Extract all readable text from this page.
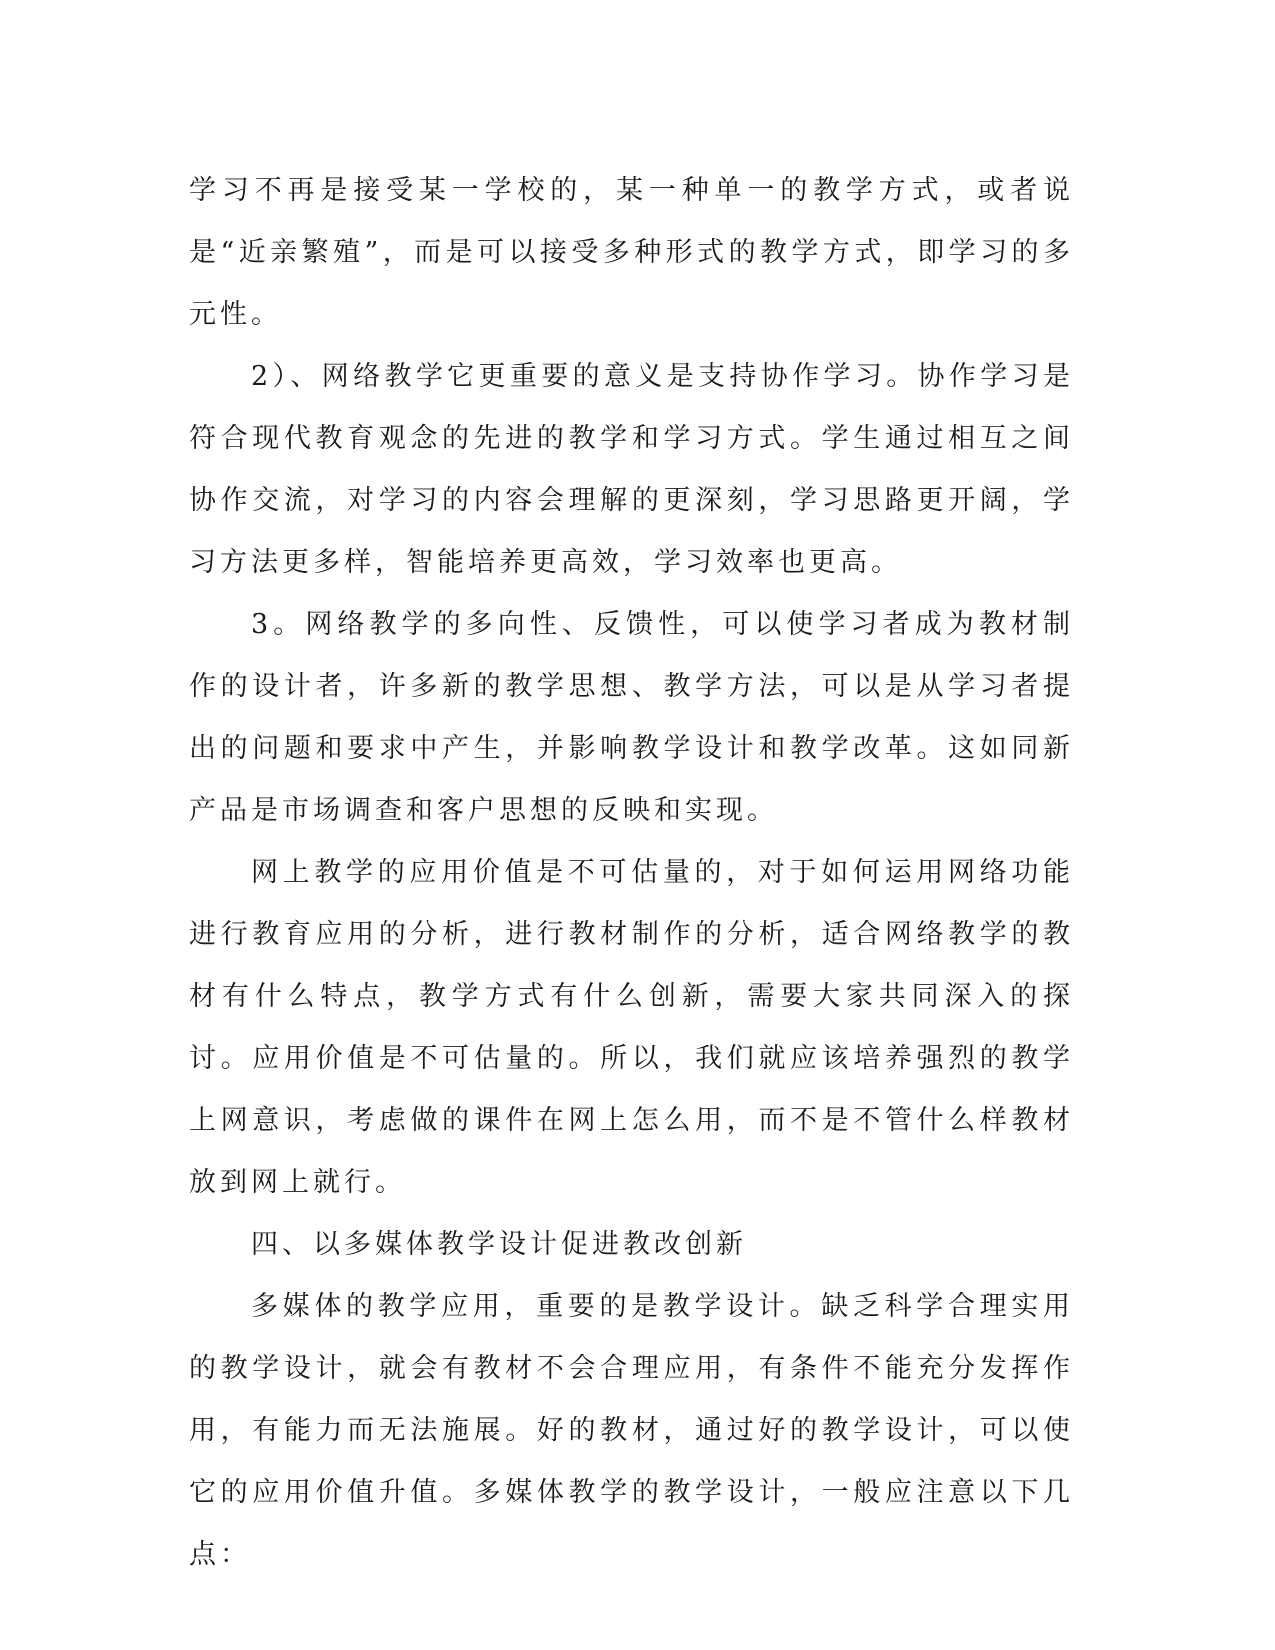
学习不再是接受某一学校的，某一种单一的教学方式，或者说是“近亲繁殖”，而是可以接受多种形式的教学方式，即学习的多元性。

2）、网络教学它更重要的意义是支持协作学习。协作学习是符合现代教育观念的先进的教学和学习方式。学生通过相互之间协作交流，对学习的内容会理解的更深刻，学习思路更开阔，学习方法更多样，智能培养更高效，学习效率也更高。

3。网络教学的多向性、反馈性，可以使学习者成为教材制作的设计者，许多新的教学思想、教学方法，可以是从学习者提出的问题和要求中产生，并影响教学设计和教学改革。这如同新产品是市场调查和客户思想的反映和实现。

网上教学的应用价值是不可估量的，对于如何运用网络功能进行教育应用的分析，进行教材制作的分析，适合网络教学的教材有什么特点，教学方式有什么创新，需要大家共同深入的探讨。应用价值是不可估量的。所以，我们就应该培养强烈的教学上网意识，考虑做的课件在网上怎么用，而不是不管什么样教材放到网上就行。

四、以多媒体教学设计促进教改创新

多媒体的教学应用，重要的是教学设计。缺乏科学合理实用的教学设计，就会有教材不会合理应用，有条件不能充分发挥作用，有能力而无法施展。好的教材，通过好的教学设计，可以使它的应用价值升值。多媒体教学的教学设计，一般应注意以下几点：
